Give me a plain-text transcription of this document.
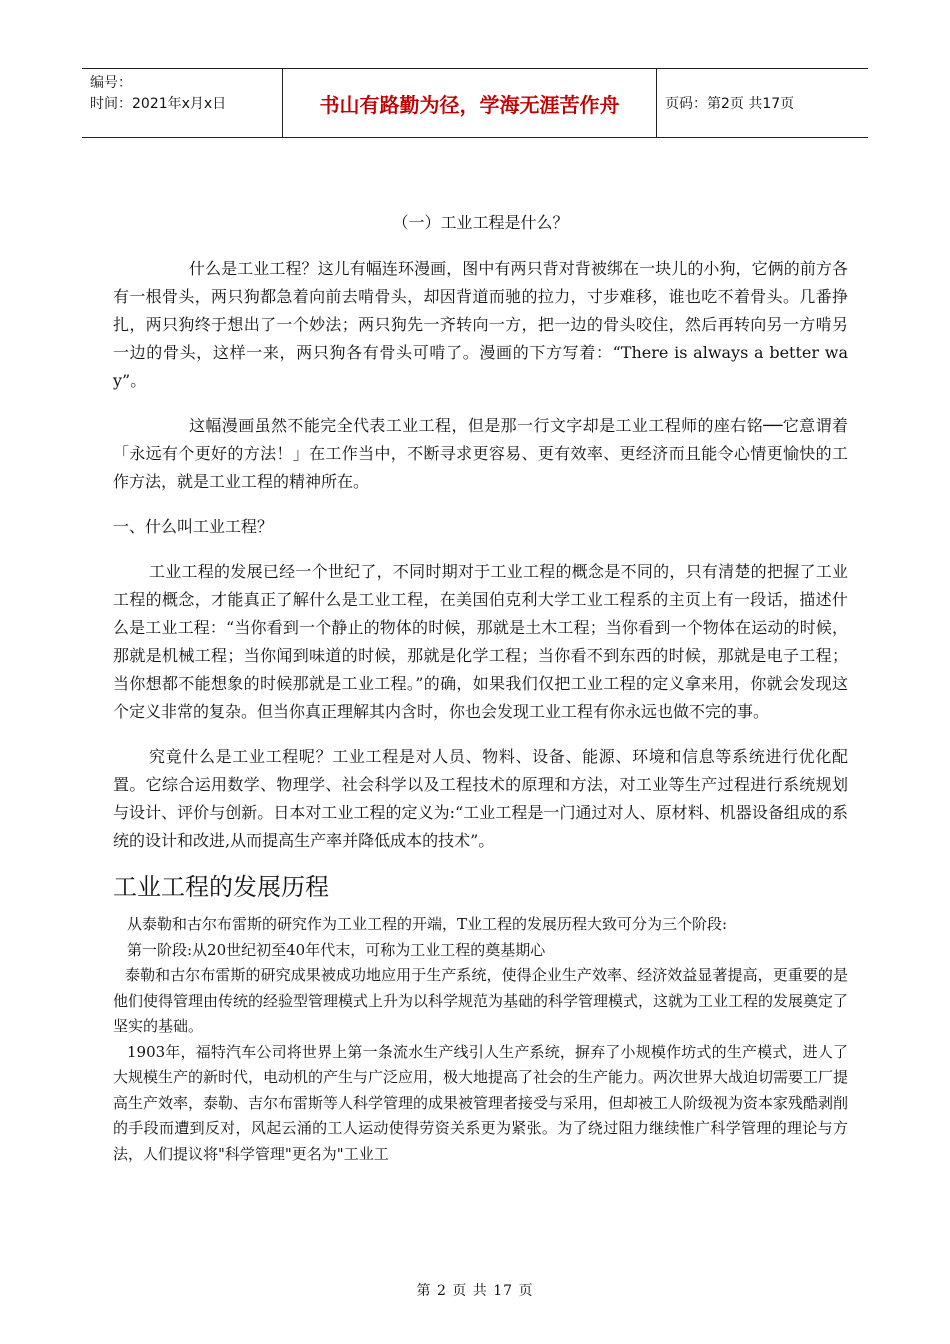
编号：
时间：2021年x月x日	书山有路勤为径，学海无涯苦作舟	页码：第2页 共17页
（一）工业工程是什么？

什么是工业工程？这儿有幅连环漫画，图中有两只背对背被绑在一块儿的小狗，它俩的前方各有一根骨头，两只狗都急着向前去啃骨头，却因背道而驰的拉力，寸步难移，谁也吃不着骨头。几番挣扎，两只狗终于想出了一个妙法；两只狗先一齐转向一方，把一边的骨头咬住，然后再转向另一方啃另一边的骨头，这样一来，两只狗各有骨头可啃了。漫画的下方写着：“There is always a better way”。

这幅漫画虽然不能完全代表工业工程，但是那一行文字却是工业工程师的座右铭──它意谓着「永远有个更好的方法！」在工作当中，不断寻求更容易、更有效率、更经济而且能令心情更愉快的工作方法，就是工业工程的精神所在。

一、什么叫工业工程？

工业工程的发展已经一个世纪了，不同时期对于工业工程的概念是不同的，只有清楚的把握了工业工程的概念，才能真正了解什么是工业工程，在美国伯克利大学工业工程系的主页上有一段话，描述什么是工业工程：“当你看到一个静止的物体的时候，那就是土木工程；当你看到一个物体在运动的时候，那就是机械工程；当你闻到味道的时候，那就是化学工程；当你看不到东西的时候，那就是电子工程；当你想都不能想象的时候那就是工业工程。”的确，如果我们仅把工业工程的定义拿来用，你就会发现这个定义非常的复杂。但当你真正理解其内含时，你也会发现工业工程有你永远也做不完的事。

究竟什么是工业工程呢？工业工程是对人员、物料、设备、能源、环境和信息等系统进行优化配置。它综合运用数学、物理学、社会科学以及工程技术的原理和方法，对工业等生产过程进行系统规划与设计、评价与创新。日本对工业工程的定义为:“工业工程是一门通过对人、原材料、机器设备组成的系统的设计和改进,从而提高生产率并降低成本的技术”。

工业工程的发展历程

从泰勒和古尔布雷斯的研究作为工业工程的开端，T业工程的发展历程大致可分为三个阶段:

第一阶段:从20世纪初至40年代末，可称为工业工程的奠基期心

泰勒和古尔布雷斯的研究成果被成功地应用于生产系统，使得企业生产效率、经济效益显著提高，更重要的是他们使得管理由传统的经验型管理模式上升为以科学规范为基础的科学管理模式，这就为工业工程的发展奠定了坚实的基础。

1903年，福特汽车公司将世界上第一条流水生产线引人生产系统，摒弃了小规模作坊式的生产模式，进人了大规模生产的新时代，电动机的产生与广泛应用，极大地提高了社会的生产能力。两次世界大战迫切需要工厂提高生产效率，泰勒、吉尔布雷斯等人科学管理的成果被管理者接受与采用，但却被工人阶级视为资本家残酷剥削的手段而遭到反对，风起云涌的工人运动使得劳资关系更为紧张。为了绕过阻力继续惟广科学管理的理论与方法，人们提议将"科学管理"更名为"工业工

第 2 页 共 17 页
